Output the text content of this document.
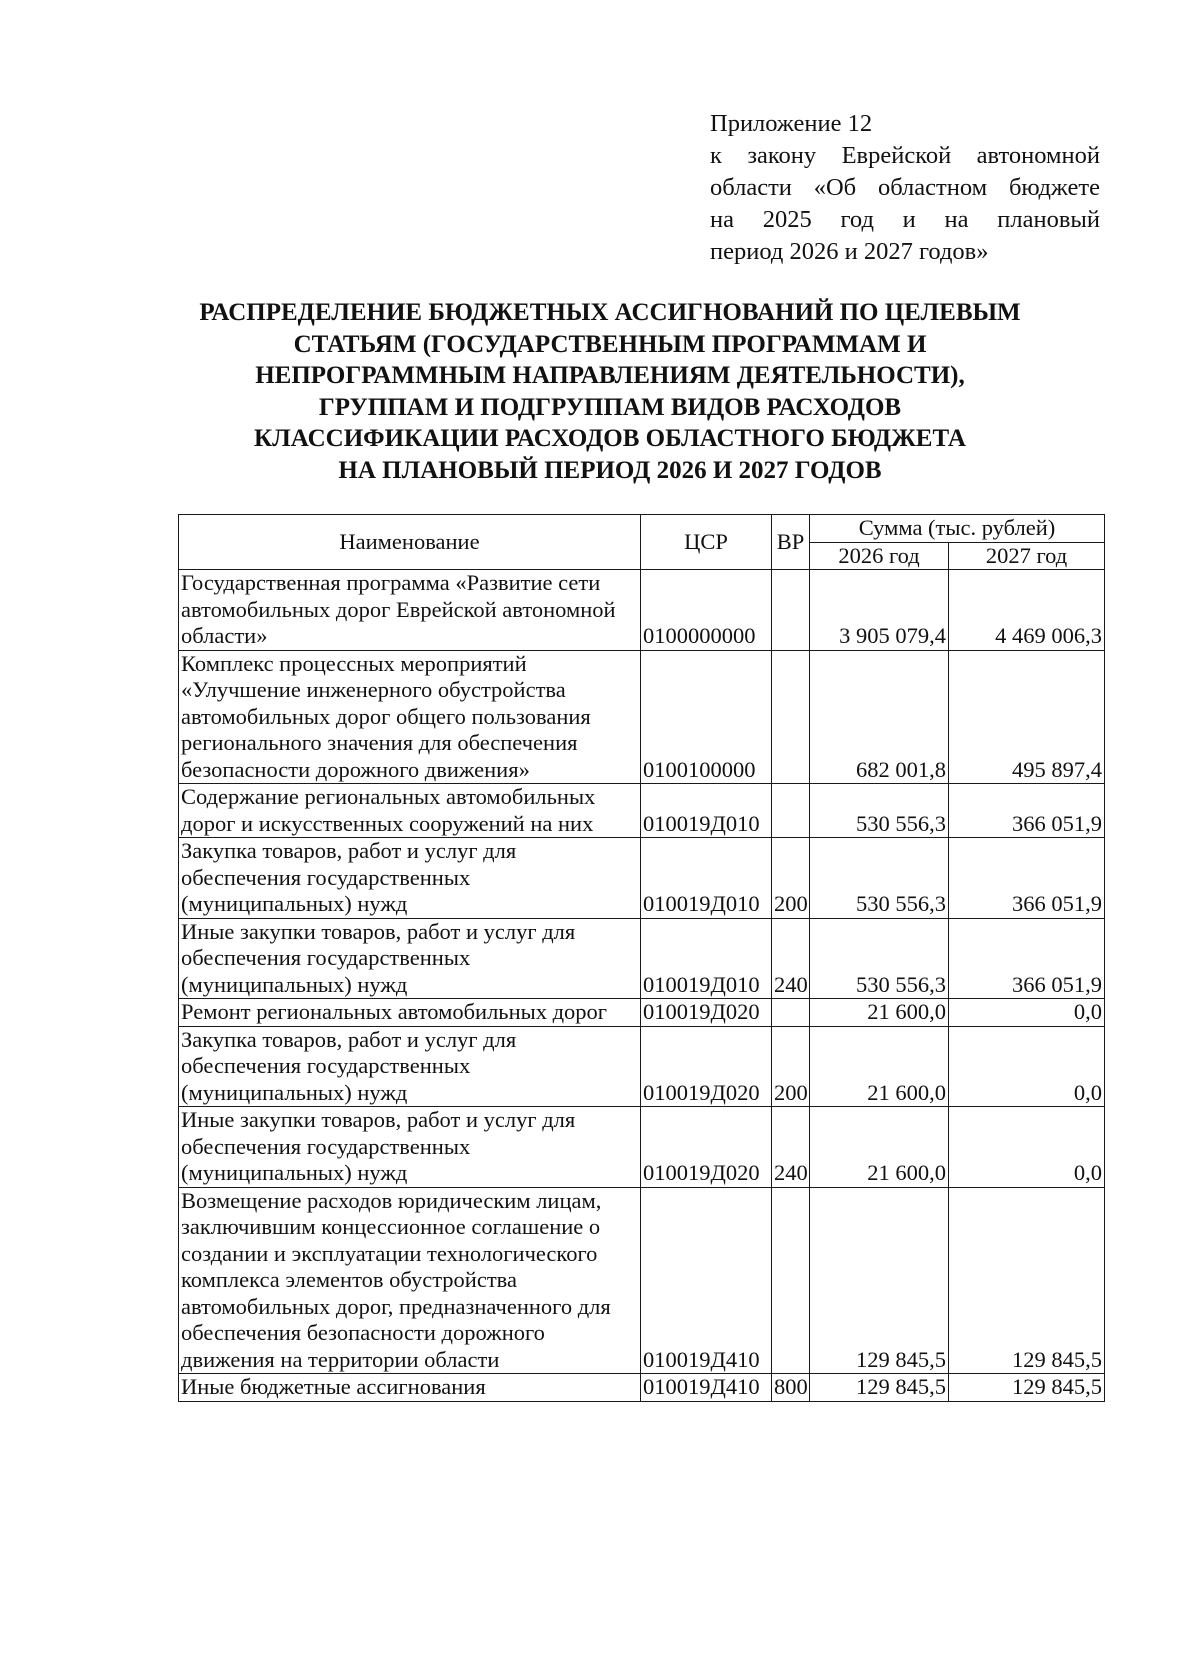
Приложение 12
к закону Еврейской автономной
области «Об областном бюджете
на 2025 год и на плановый
период 2026 и 2027 годов»
РАСПРЕДЕЛЕНИЕ БЮДЖЕТНЫХ АССИГНОВАНИЙ ПО ЦЕЛЕВЫМ
СТАТЬЯМ (ГОСУДАРСТВЕННЫМ ПРОГРАММАМ И
НЕПРОГРАММНЫМ НАПРАВЛЕНИЯМ ДЕЯТЕЛЬНОСТИ),
ГРУППАМ И ПОДГРУППАМ ВИДОВ РАСХОДОВ
КЛАССИФИКАЦИИ РАСХОДОВ ОБЛАСТНОГО БЮДЖЕТА
НА ПЛАНОВЫЙ ПЕРИОД 2026 И 2027 ГОДОВ
Наименование	ЦСР	ВР	Сумма (тыс. рублей)	
			2026 год	2027 год
Государственная программа «Развитие сети автомобильных дорог Еврейской автономной области»	0100000000		3 905 079,4	4 469 006,3
Комплекс процессных мероприятий «Улучшение инженерного обустройства автомобильных дорог общего пользования регионального значения для обеспечения безопасности дорожного движения»	0100100000		682 001,8	495 897,4
Содержание региональных автомобильных дорог и искусственных сооружений на них	010019Д010		530 556,3	366 051,9
Закупка товаров, работ и услуг для обеспечения государственных (муниципальных) нужд	010019Д010	200	530 556,3	366 051,9
Иные закупки товаров, работ и услуг для обеспечения государственных (муниципальных) нужд	010019Д010	240	530 556,3	366 051,9
Ремонт региональных автомобильных дорог	010019Д020		21 600,0	0,0
Закупка товаров, работ и услуг для обеспечения государственных (муниципальных) нужд	010019Д020	200	21 600,0	0,0
Иные закупки товаров, работ и услуг для обеспечения государственных (муниципальных) нужд	010019Д020	240	21 600,0	0,0
Возмещение расходов юридическим лицам, заключившим концессионное соглашение о создании и эксплуатации технологического комплекса элементов обустройства автомобильных дорог, предназначенного для обеспечения безопасности дорожного движения на территории области	010019Д410		129 845,5	129 845,5
Иные бюджетные ассигнования	010019Д410	800	129 845,5	129 845,5
